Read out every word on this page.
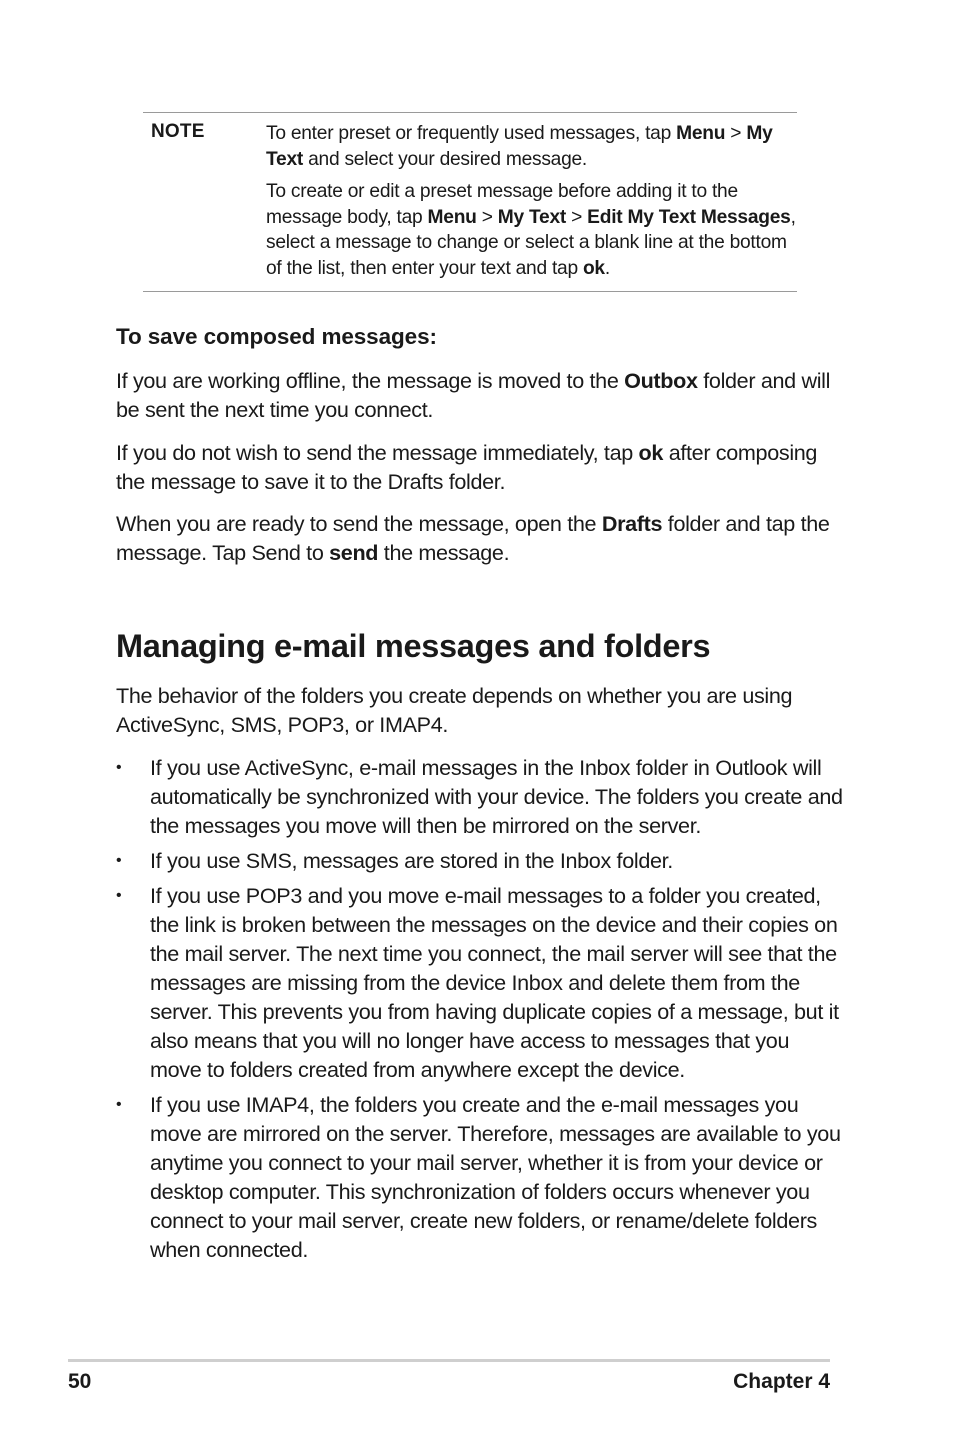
NOTE	To enter preset or frequently used messages, tap Menu > My Text and select your desired message.

To create or edit a preset message before adding it to the message body, tap Menu > My Text > Edit My Text Messages, select a message to change or select a blank line at the bottom of the list, then enter your text and tap ok.

To save composed messages:

If you are working offline, the message is moved to the Outbox folder and will be sent the next time you connect.

If you do not wish to send the message immediately, tap ok after composing the message to save it to the Drafts folder.

When you are ready to send the message, open the Drafts folder and tap the message. Tap Send to send the message.

Managing e-mail messages and folders

The behavior of the folders you create depends on whether you are using ActiveSync, SMS, POP3, or IMAP4.

• If you use ActiveSync, e-mail messages in the Inbox folder in Outlook will automatically be synchronized with your device. The folders you create and the messages you move will then be mirrored on the server.
• If you use SMS, messages are stored in the Inbox folder.
• If you use POP3 and you move e-mail messages to a folder you created, the link is broken between the messages on the device and their copies on the mail server. The next time you connect, the mail server will see that the messages are missing from the device Inbox and delete them from the server. This prevents you from having duplicate copies of a message, but it also means that you will no longer have access to messages that you move to folders created from anywhere except the device.
• If you use IMAP4, the folders you create and the e-mail messages you move are mirrored on the server. Therefore, messages are available to you anytime you connect to your mail server, whether it is from your device or desktop computer. This synchronization of folders occurs whenever you connect to your mail server, create new folders, or rename/delete folders when connected.
50	Chapter 4
